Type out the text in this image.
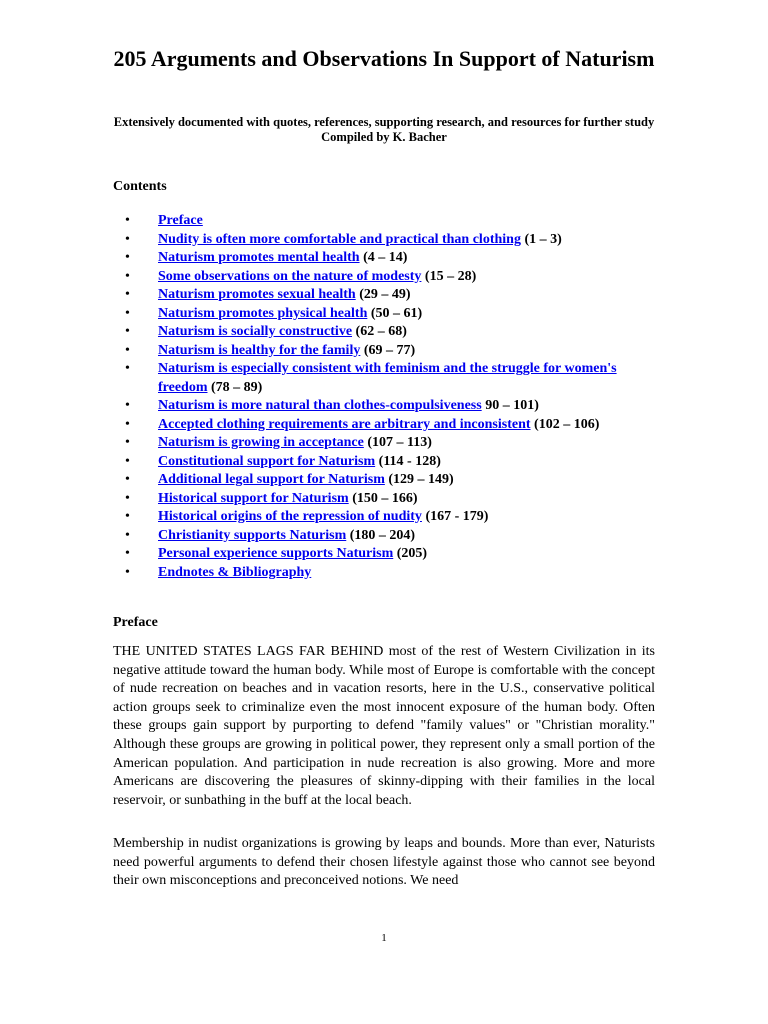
205 Arguments and Observations In Support of Naturism
Extensively documented with quotes, references, supporting research, and resources for further study Compiled by K. Bacher
Contents
• Preface
• Nudity is often more comfortable and practical than clothing (1 – 3)
• Naturism promotes mental health (4 – 14)
• Some observations on the nature of modesty (15 – 28)
• Naturism promotes sexual health (29 – 49)
• Naturism promotes physical health (50 – 61)
• Naturism is socially constructive (62 – 68)
• Naturism is healthy for the family (69 – 77)
• Naturism is especially consistent with feminism and the struggle for women's freedom (78 – 89)
• Naturism is more natural than clothes-compulsiveness 90 – 101)
• Accepted clothing requirements are arbitrary and inconsistent (102 – 106)
• Naturism is growing in acceptance (107 – 113)
• Constitutional support for Naturism (114 - 128)
• Additional legal support for Naturism (129 – 149)
• Historical support for Naturism (150 – 166)
• Historical origins of the repression of nudity (167 - 179)
• Christianity supports Naturism (180 – 204)
• Personal experience supports Naturism (205)
• Endnotes & Bibliography
Preface

THE UNITED STATES LAGS FAR BEHIND most of the rest of Western Civilization in its negative attitude toward the human body. While most of Europe is comfortable with the concept of nude recreation on beaches and in vacation resorts, here in the U.S., conservative political action groups seek to criminalize even the most innocent exposure of the human body. Often these groups gain support by purporting to defend "family values" or "Christian morality." Although these groups are growing in political power, they represent only a small portion of the American population. And participation in nude recreation is also growing. More and more Americans are discovering the pleasures of skinny-dipping with their families in the local reservoir, or sunbathing in the buff at the local beach.

Membership in nudist organizations is growing by leaps and bounds. More than ever, Naturists need powerful arguments to defend their chosen lifestyle against those who cannot see beyond their own misconceptions and preconceived notions. We need

1
